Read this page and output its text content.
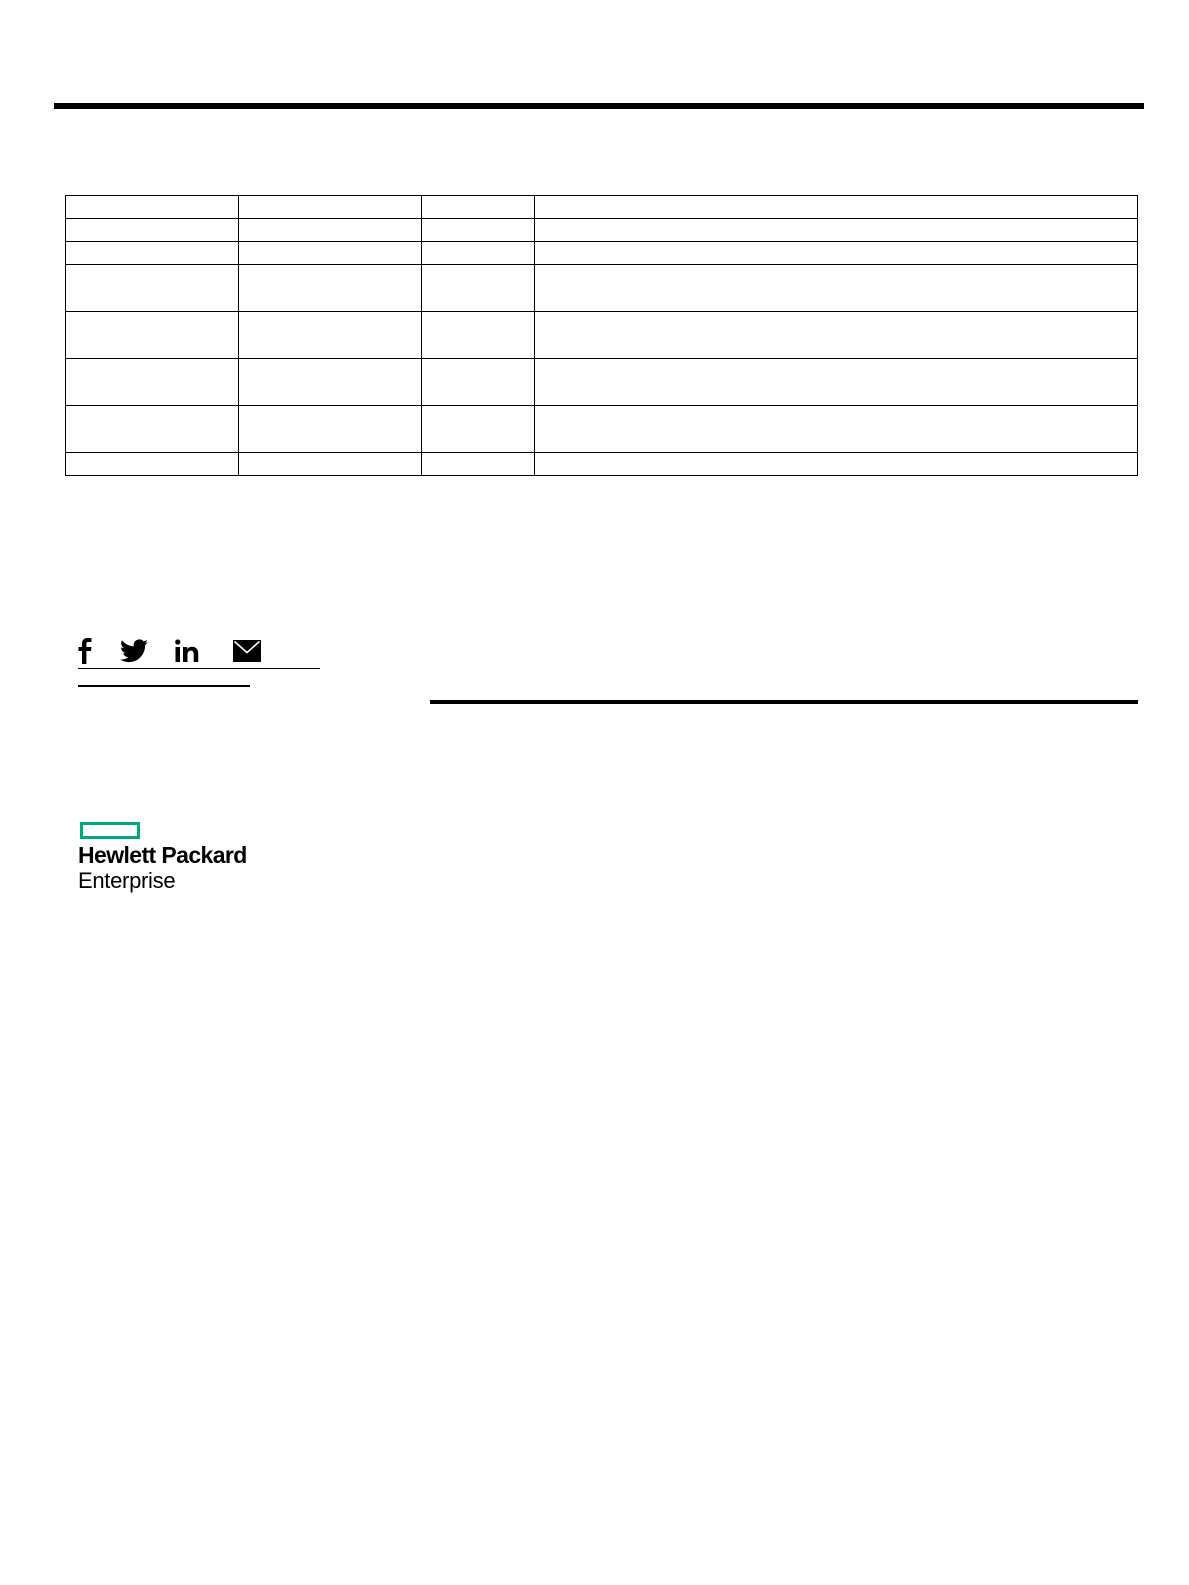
Hewlett Packard
Enterprise
